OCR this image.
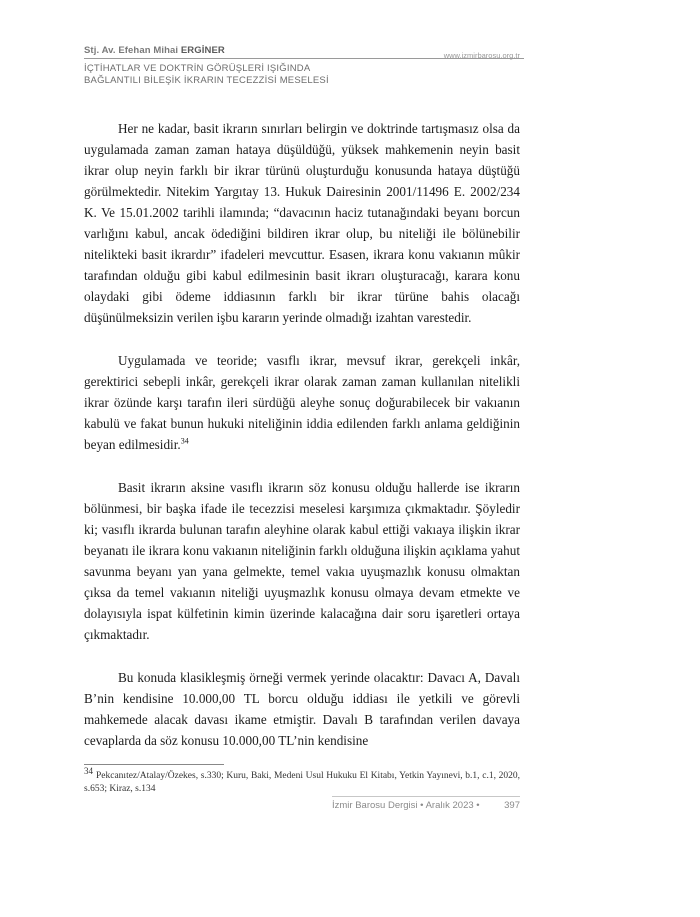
Stj. Av. Efehan Mihai ERGİNER	www.izmirbarosu.org.tr
İÇTİHATLAR VE DOKTRİN GÖRÜŞLERİ IŞIĞINDA
BAĞLANTILI BİLEŞİK İKRARIN TECEZZİSİ MESELESİ

Her ne kadar, basit ikrarın sınırları belirgin ve doktrinde tartışmasız olsa da uygulamada zaman zaman hataya düşüldüğü, yüksek mahkemenin neyin basit ikrar olup neyin farklı bir ikrar türünü oluşturduğu konusunda hataya düştüğü görülmektedir. Nitekim Yargıtay 13. Hukuk Dairesinin 2001/11496 E. 2002/234 K. Ve 15.01.2002 tarihli ilamında; “davacının haciz tutanağındaki beyanı borcun varlığını kabul, ancak ödediğini bildiren ikrar olup, bu niteliği ile bölünebilir nitelikteki basit ikrardır” ifadeleri mevcuttur. Esasen, ikrara konu vakıanın mûkir tarafından olduğu gibi kabul edilmesinin basit ikrarı oluşturacağı, karara konu olaydaki gibi ödeme iddiasının farklı bir ikrar türüne bahis olacağı düşünülmeksizin verilen işbu kararın yerinde olmadığı izahtan varestedir.

Uygulamada ve teoride; vasıflı ikrar, mevsuf ikrar, gerekçeli inkâr, gerektirici sebepli inkâr, gerekçeli ikrar olarak zaman zaman kullanılan nitelikli ikrar özünde karşı tarafın ileri sürdüğü aleyhe sonuç doğurabilecek bir vakıanın kabulü ve fakat bunun hukuki niteliğinin iddia edilenden farklı anlama geldiğinin beyan edilmesidir.$^{34}$

Basit ikrarın aksine vasıflı ikrarın söz konusu olduğu hallerde ise ikrarın bölünmesi, bir başka ifade ile tecezzisi meselesi karşımıza çıkmaktadır. Şöyledir ki; vasıflı ikrarda bulunan tarafın aleyhine olarak kabul ettiği vakıaya ilişkin ikrar beyanatı ile ikrara konu vakıanın niteliğinin farklı olduğuna ilişkin açıklama yahut savunma beyanı yan yana gelmekte, temel vakıa uyuşmazlık konusu olmaktan çıksa da temel vakıanın niteliği uyuşmazlık konusu olmaya devam etmekte ve dolayısıyla ispat külfetinin kimin üzerinde kalacağına dair soru işaretleri ortaya çıkmaktadır.

Bu konuda klasikleşmiş örneği vermek yerinde olacaktır: Davacı A, Davalı B’nin kendisine 10.000,00 TL borcu olduğu iddiası ile yetkili ve görevli mahkemede alacak davası ikame etmiştir. Davalı B tarafından verilen davaya cevaplarda da söz konusu 10.000,00 TL’nin kendisine

34Pekcanıtez/Atalay/Özekes, s.330; Kuru, Baki, Medeni Usul Hukuku El Kitabı, Yetkin Yayınevi, b.1, c.1, 2020, s.653; Kiraz, s.134
İzmir Barosu Dergisi • Aralık 2023 •	397
